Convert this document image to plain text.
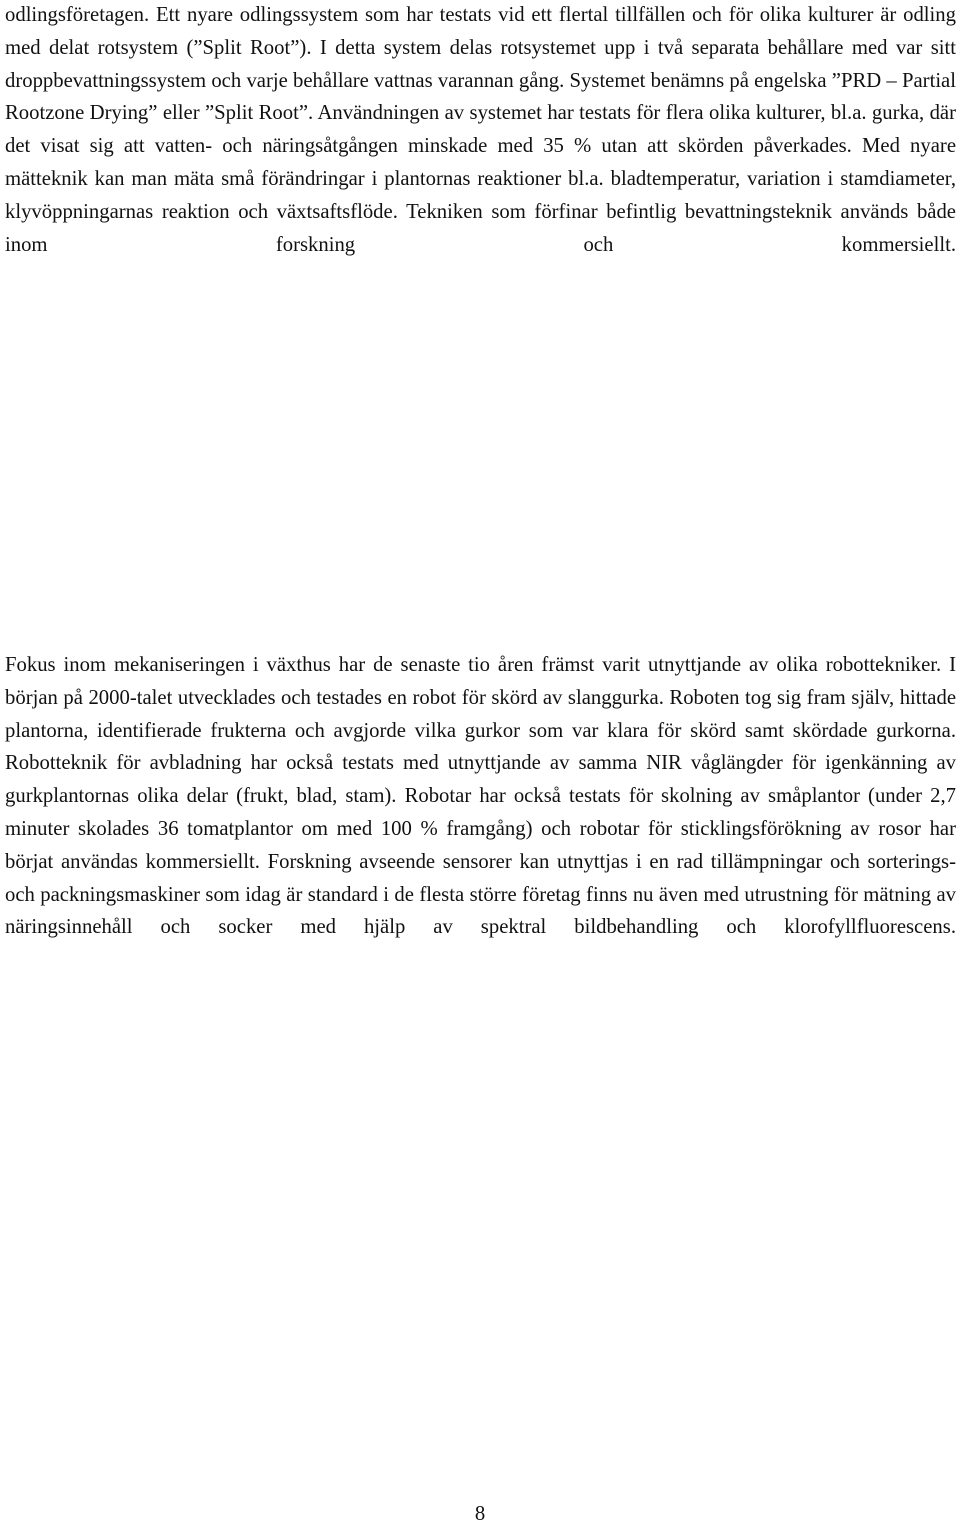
odlingsföretagen. Ett nyare odlingssystem som har testats vid ett flertal tillfällen och för olika kulturer är odling med delat rotsystem (”Split Root”). I detta system delas rotsystemet upp i två separata behållare med var sitt droppbevattningssystem och varje behållare vattnas varannan gång. Systemet benämns på engelska ”PRD – Partial Rootzone Drying” eller ”Split Root”. Användningen av systemet har testats för flera olika kulturer, bl.a. gurka, där det visat sig att vatten- och näringsåtgången minskade med 35 % utan att skörden påverkades. Med nyare mätteknik kan man mäta små förändringar i plantornas reaktioner bl.a. bladtemperatur, variation i stamdiameter, klyvöppningarnas reaktion och växtsaftsflöde. Tekniken som förfinar befintlig bevattningsteknik används både inom forskning och kommersiellt.

Fokus inom mekaniseringen i växthus har de senaste tio åren främst varit utnyttjande av olika robottekniker. I början på 2000-talet utvecklades och testades en robot för skörd av slanggurka. Roboten tog sig fram själv, hittade plantorna, identifierade frukterna och avgjorde vilka gurkor som var klara för skörd samt skördade gurkorna. Robotteknik för avbladning har också testats med utnyttjande av samma NIR våglängder för igenkänning av gurkplantornas olika delar (frukt, blad, stam). Robotar har också testats för skolning av småplantor (under 2,7 minuter skolades 36 tomatplantor om med 100 % framgång) och robotar för sticklingsförökning av rosor har börjat användas kommersiellt. Forskning avseende sensorer kan utnyttjas i en rad tillämpningar och sorterings- och packningsmaskiner som idag är standard i de flesta större företag finns nu även med utrustning för mätning av näringsinnehåll och socker med hjälp av spektral bildbehandling och klorofyllfluorescens.

8
